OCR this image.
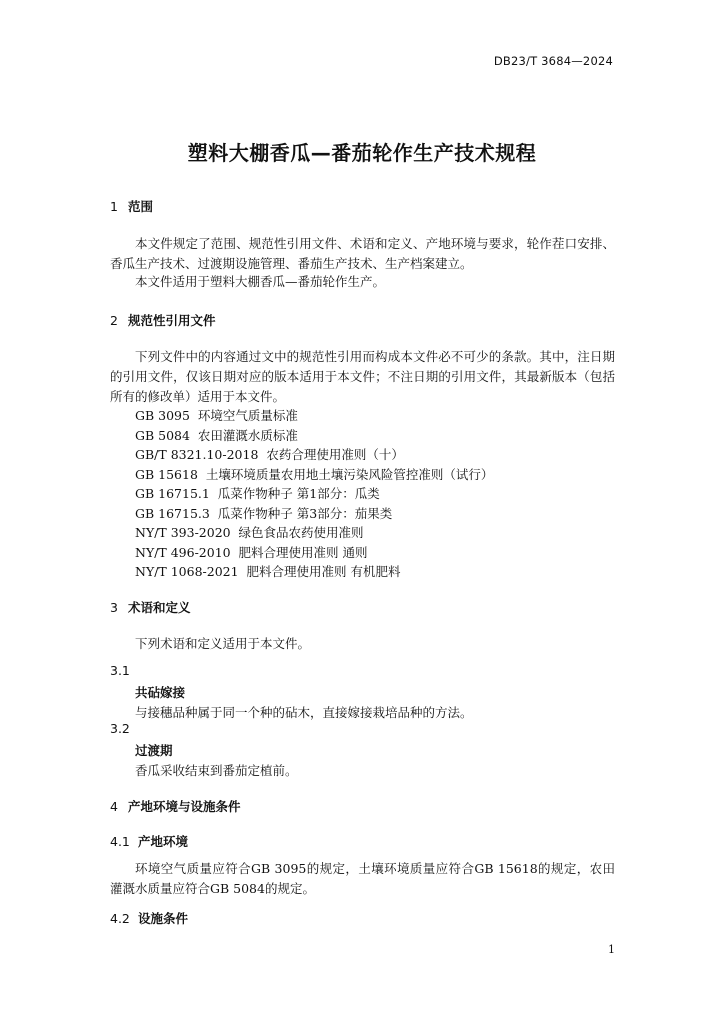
DB23/T 3684—2024
塑料大棚香瓜—番茄轮作生产技术规程
1 范围
本文件规定了范围、规范性引用文件、术语和定义、产地环境与要求，轮作茬口安排、香瓜生产技术、过渡期设施管理、番茄生产技术、生产档案建立。
本文件适用于塑料大棚香瓜—番茄轮作生产。
2 规范性引用文件
下列文件中的内容通过文中的规范性引用而构成本文件必不可少的条款。其中，注日期的引用文件，仅该日期对应的版本适用于本文件；不注日期的引用文件，其最新版本（包括所有的修改单）适用于本文件。
GB 3095  环境空气质量标准
GB 5084  农田灌溉水质标准
GB/T 8321.10-2018  农药合理使用准则（十）
GB 15618  土壤环境质量农用地土壤污染风险管控准则（试行）
GB 16715.1  瓜菜作物种子 第1部分：瓜类
GB 16715.3  瓜菜作物种子 第3部分：茄果类
NY/T 393-2020  绿色食品农药使用准则
NY/T 496-2010  肥料合理使用准则 通则
NY/T 1068-2021  肥料合理使用准则 有机肥料
3 术语和定义
下列术语和定义适用于本文件。
3.1
共砧嫁接
与接穗品种属于同一个种的砧木，直接嫁接栽培品种的方法。
3.2
过渡期
香瓜采收结束到番茄定植前。
4 产地环境与设施条件
4.1 产地环境
环境空气质量应符合GB 3095的规定，土壤环境质量应符合GB 15618的规定，农田灌溉水质量应符合GB 5084的规定。
4.2 设施条件
1
